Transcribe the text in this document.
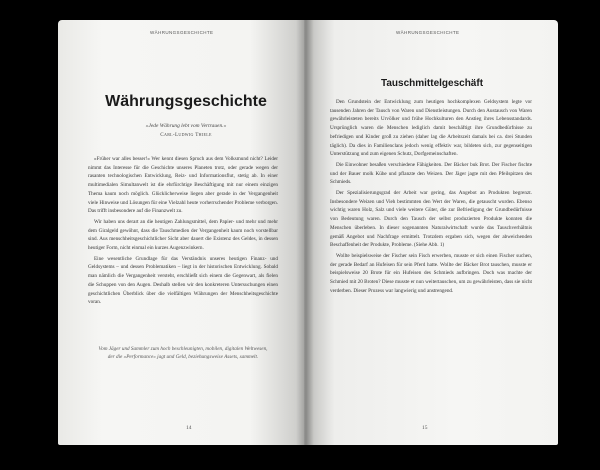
WÄHRUNGSGESCHICHTE
Währungsgeschichte
»Jede Währung lebt vom Vertrauen.«
Carl-Ludwig Thiele

»Früher war alles besser!« Wer kennt diesen Spruch aus dem Volksmund nicht? Leider nimmt das Interesse für die Geschichte unseres Planeten trotz, oder gerade wegen der rasanten technologischen Entwicklung, Reiz- und Informationsflut, stetig ab. In einer multimedialen Simultanwelt ist die ehrfürchtige Beschäftigung mit nur einem einzigen Thema kaum noch möglich. Glücklicherweise liegen aber gerade in der Vergangenheit viele Hinweise und Lösungen für eine Vielzahl heute vorherrschender Probleme verborgen. Das trifft insbesondere auf die Finanzwelt zu.

Wir haben uns derart an die heutigen Zahlungsmittel, dem Papier- und mehr und mehr dem Giralgeld gewöhnt, dass die Tauschmedien der Vergangenheit kaum noch vorstellbar sind. Aus menschheitsgeschichtlicher Sicht aber dauert die Existenz des Geldes, in dessen heutiger Form, nicht einmal ein kurzes Augenzwinkern.

Eine wesentliche Grundlage für das Verständnis unseres heutigen Finanz- und Geldsystems – und dessen Problematiken – liegt in der historischen Entwicklung. Sobald man nämlich die Vergangenheit versteht, erschließt sich einem die Gegenwart, als fielen die Schuppen von den Augen. Deshalb stellen wir den konkreteren Untersuchungen einen geschichtlichen Überblick über die vielfältigen Währungen der Menschheitsgeschichte voran.

Vom Jäger und Sammler zum hoch beschleunigten, mobilen, digitalen Weltwesen, der die »Performance« jagt und Geld, beziehungsweise Assets, sammelt.

14
WÄHRUNGSGESCHICHTE
Tauschmittelgeschäft

Den Grundstein der Entwicklung zum heutigen hochkomplexen Geldsystem legte vor tausenden Jahren der Tausch von Waren und Dienstleistungen. Durch den Austausch von Waren gewährleisteten bereits Urvölker und frühe Hochkulturen den Anstieg ihres Lebensstandards. Ursprünglich waren die Menschen lediglich damit beschäftigt ihre Grundbedürfnisse zu befriedigen und Kinder groß zu ziehen (daher lag die Arbeitszeit damals bei ca. drei Stunden täglich). Da dies in Familienclans jedoch wenig effektiv war, bildeten sich, zur gegenseitigen Unterstützung und zum eigenen Schutz, Dorfgemeinschaften.

Die Einwohner besaßen verschiedene Fähigkeiten. Der Bäcker buk Brot. Der Fischer fischte und der Bauer molk Kühe und pflanzte den Weizen. Der Jäger jagte mit den Pfeilspitzen des Schmieds.

Der Spezialisierungsgrad der Arbeit war gering, das Angebot an Produkten begrenzt. Insbesondere Weizen und Vieh bestimmten den Wert der Waren, die getauscht wurden. Ebenso wichtig waren Holz, Salz und viele weitere Güter, die zur Befriedigung der Grundbedürfnisse von Bedeutung waren. Durch den Tausch der selbst produzierten Produkte konnten die Menschen überleben. In dieser sogenannten Naturalwirtschaft wurde das Tauschverhältnis gemäß Angebot und Nachfrage ermittelt. Trotzdem ergaben sich, wegen der abweichenden Beschaffenheit der Produkte, Probleme. (Siehe Abb. 1)

Wollte beispielsweise der Fischer sein Fisch erwerben, musste er sich einen Fischer suchen, der gerade Bedarf an Hufeisen für sein Pferd hatte. Wollte der Bäcker Brot tauschen, musste er beispielsweise 20 Brote für ein Hufeisen des Schmieds aufbringen. Doch was machte der Schmied mit 20 Broten? Diese musste er nun weitertauschen, um zu gewährleisten, dass sie nicht verderben. Dieser Prozess war langwierig und anstrengend.

15
